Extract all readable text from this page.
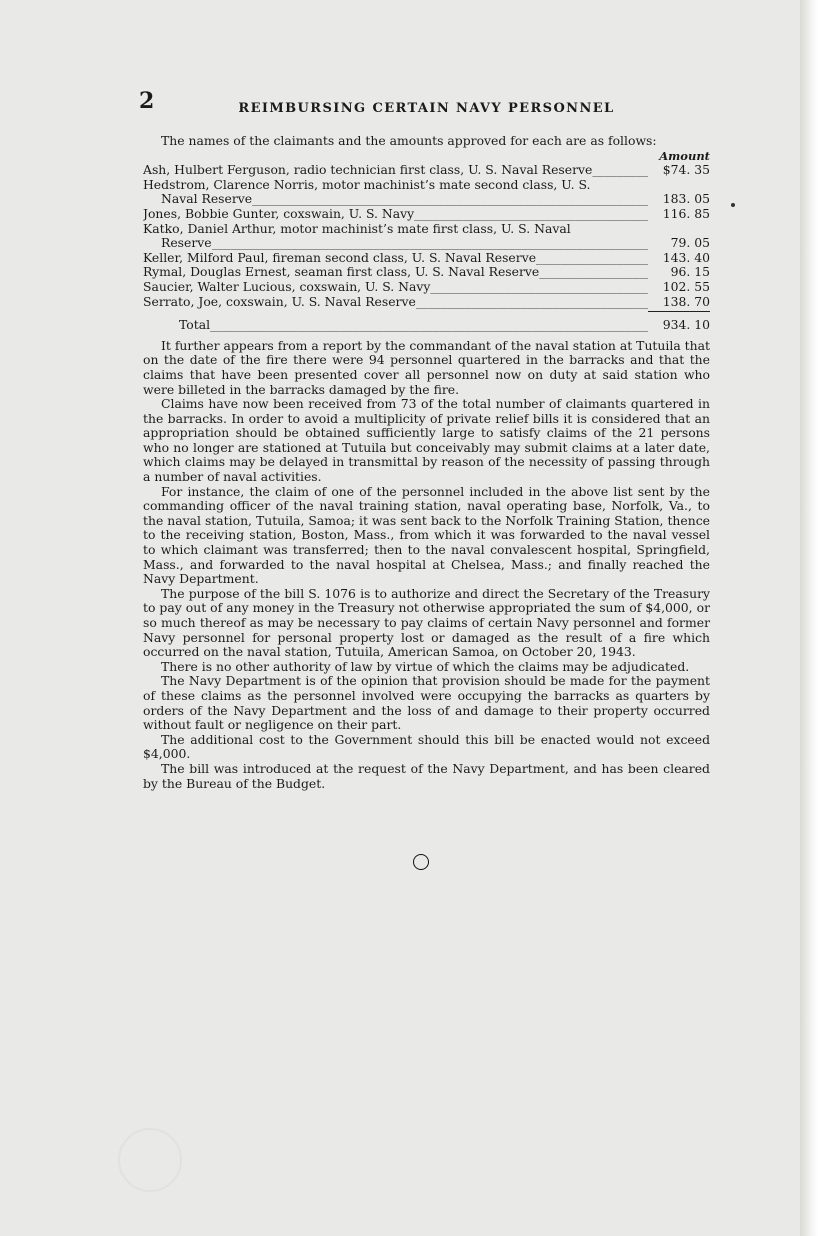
2	REIMBURSING CERTAIN NAVY PERSONNEL

The names of the claimants and the amounts approved for each are as follows:

Amount
Ash, Hulbert Ferguson, radio technician first class, U. S. Naval Reserve _____	$74. 35
Hedstrom, Clarence Norris, motor machinist’s mate second class, U. S.
Naval Reserve _____	183. 05
Jones, Bobbie Gunter, coxswain, U. S. Navy _____	116. 85
Katko, Daniel Arthur, motor machinist’s mate first class, U. S. Naval
Reserve _____	79. 05
Keller, Milford Paul, fireman second class, U. S. Naval Reserve _____	143. 40
Rymal, Douglas Ernest, seaman first class, U. S. Naval Reserve _____	96. 15
Saucier, Walter Lucious, coxswain, U. S. Navy _____	102. 55
Serrato, Joe, coxswain, U. S. Naval Reserve _____	138. 70
Total _____	934. 10

It further appears from a report by the commandant of the naval station at Tutuila that on the date of the fire there were 94 personnel quartered in the barracks and that the claims that have been presented cover all personnel now on duty at said station who were billeted in the barracks damaged by the fire.

Claims have now been received from 73 of the total number of claimants quartered in the barracks. In order to avoid a multiplicity of private relief bills it is considered that an appropriation should be obtained sufficiently large to satisfy claims of the 21 persons who no longer are stationed at Tutuila but conceivably may submit claims at a later date, which claims may be delayed in transmittal by reason of the necessity of passing through a number of naval activities.

For instance, the claim of one of the personnel included in the above list sent by the commanding officer of the naval training station, naval operating base, Norfolk, Va., to the naval station, Tutuila, Samoa; it was sent back to the Norfolk Training Station, thence to the receiving station, Boston, Mass., from which it was forwarded to the naval vessel to which claimant was transferred; then to the naval convalescent hospital, Springfield, Mass., and forwarded to the naval hospital at Chelsea, Mass.; and finally reached the Navy Department.

The purpose of the bill S. 1076 is to authorize and direct the Secretary of the Treasury to pay out of any money in the Treasury not otherwise appropriated the sum of $4,000, or so much thereof as may be necessary to pay claims of certain Navy personnel and former Navy personnel for personal property lost or damaged as the result of a fire which occurred on the naval station, Tutuila, American Samoa, on October 20, 1943.

There is no other authority of law by virtue of which the claims may be adjudicated.

The Navy Department is of the opinion that provision should be made for the payment of these claims as the personnel involved were occupying the barracks as quarters by orders of the Navy Department and the loss of and damage to their property occurred without fault or negligence on their part.

The additional cost to the Government should this bill be enacted would not exceed $4,000.

The bill was introduced at the request of the Navy Department, and has been cleared by the Bureau of the Budget.
